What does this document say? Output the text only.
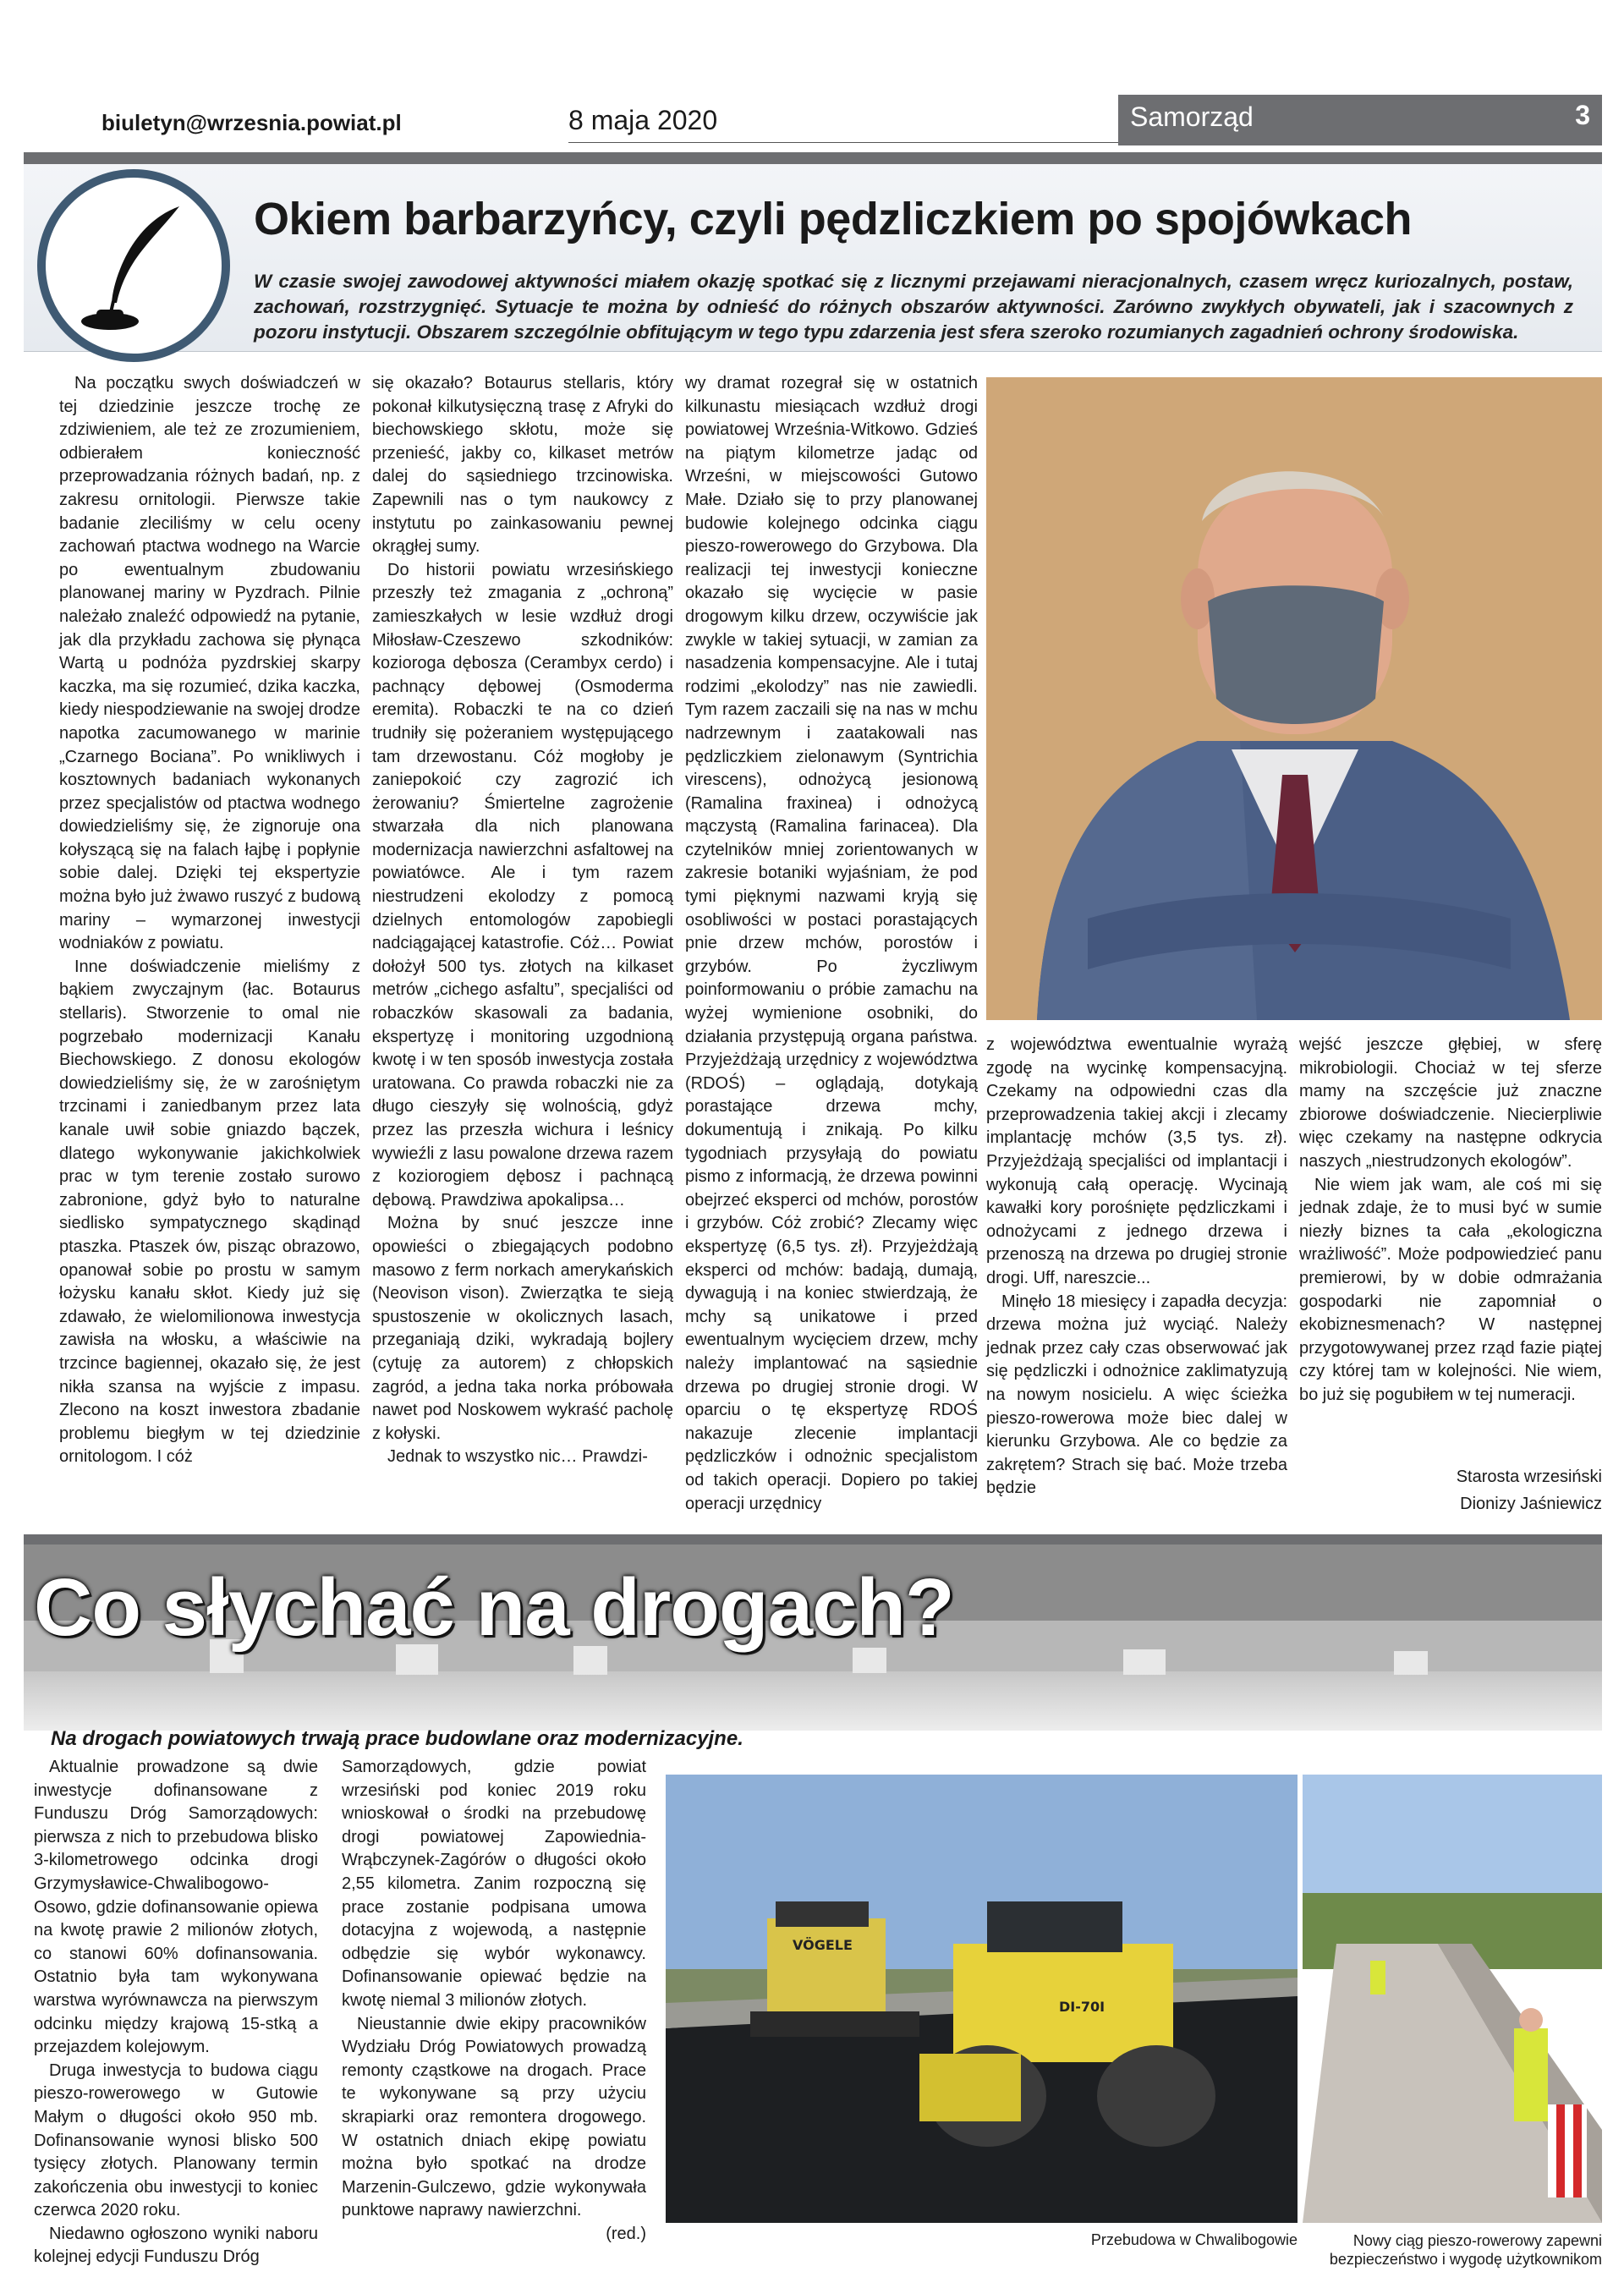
biuletyn@wrzesnia.powiat.pl	8 maja 2020	Samorząd	3
Okiem barbarzyńcy, czyli pędzliczkiem po spojówkach

W czasie swojej zawodowej aktywności miałem okazję spotkać się z licznymi przejawami nieracjonalnych, czasem wręcz kuriozalnych, postaw, zachowań, rozstrzygnięć. Sytuacje te można by odnieść do różnych obszarów aktywności. Zarówno zwykłych obywateli, jak i szacownych z pozoru instytucji. Obszarem szczególnie obfitującym w tego typu zdarzenia jest sfera szeroko rozumianych zagadnień ochrony środowiska.

Na początku swych doświadczeń w tej dziedzinie jeszcze trochę ze zdziwieniem, ale też ze zrozumieniem, odbierałem konieczność przeprowadzania różnych badań, np. z zakresu ornitologii. Pierwsze takie badanie zleciliśmy w celu oceny zachowań ptactwa wodnego na Warcie po ewentualnym zbudowaniu planowanej mariny w Pyzdrach. Pilnie należało znaleźć odpowiedź na pytanie, jak dla przykładu zachowa się płynąca Wartą u podnóża pyzdrskiej skarpy kaczka, ma się rozumieć, dzika kaczka, kiedy niespodziewanie na swojej drodze napotka zacumowanego w marinie „Czarnego Bociana”. Po wnikliwych i kosztownych badaniach wykonanych przez specjalistów od ptactwa wodnego dowiedzieliśmy się, że zignoruje ona kołyszącą się na falach łajbę i popłynie sobie dalej. Dzięki tej ekspertyzie można było już żwawo ruszyć z budową mariny – wymarzonej inwestycji wodniaków z powiatu.

Inne doświadczenie mieliśmy z bąkiem zwyczajnym (łac. Botaurus stellaris). Stworzenie to omal nie pogrzebało modernizacji Kanału Biechowskiego. Z donosu ekologów dowiedzieliśmy się, że w zarośniętym trzcinami i zaniedbanym przez lata kanale uwił sobie gniazdo bączek, dlatego wykonywanie jakichkolwiek prac w tym terenie zostało surowo zabronione, gdyż było to naturalne siedlisko sympatycznego skądinąd ptaszka. Ptaszek ów, pisząc obrazowo, opanował sobie po prostu w samym łożysku kanału skłot. Kiedy już się zdawało, że wielomilionowa inwestycja zawisła na włosku, a właściwie na trzcince bagiennej, okazało się, że jest nikła szansa na wyjście z impasu. Zlecono na koszt inwestora zbadanie problemu biegłym w tej dziedzinie ornitologom. I cóż

się okazało? Botaurus stellaris, który pokonał kilkutysięczną trasę z Afryki do biechowskiego skłotu, może się przenieść, jakby co, kilkaset metrów dalej do sąsiedniego trzcinowiska. Zapewnili nas o tym naukowcy z instytutu po zainkasowaniu pewnej okrągłej sumy.

Do historii powiatu wrzesińskiego przeszły też zmagania z „ochroną” zamieszkałych w lesie wzdłuż drogi Miłosław-Czeszewo szkodników: kozioroga dębosza (Cerambyx cerdo) i pachnący dębowej (Osmoderma eremita). Robaczki te na co dzień trudniły się pożeraniem występującego tam drzewostanu. Cóż mogłoby je zaniepokoić czy zagrozić ich żerowaniu? Śmiertelne zagrożenie stwarzała dla nich planowana modernizacja nawierzchni asfaltowej na powiatówce. Ale i tym razem niestrudzeni ekolodzy z pomocą dzielnych entomologów zapobiegli nadciągającej katastrofie. Cóż… Powiat dołożył 500 tys. złotych na kilkaset metrów „cichego asfaltu”, specjaliści od robaczków skasowali za badania, ekspertyzę i monitoring uzgodnioną kwotę i w ten sposób inwestycja została uratowana. Co prawda robaczki nie za długo cieszyły się wolnością, gdyż przez las przeszła wichura i leśnicy wywieźli z lasu powalone drzewa razem z koziorogiem dębosz i pachnącą dębową. Prawdziwa apokalipsa…

Można by snuć jeszcze inne opowieści o zbiegających podobno masowo z ferm norkach amerykańskich (Neovison vison). Zwierzątka te sieją spustoszenie w okolicznych lasach, przeganiają dziki, wykradają bojlery (cytuję za autorem) z chłopskich zagród, a jedna taka norka próbowała nawet pod Noskowem wykraść pacholę z kołyski.

Jednak to wszystko nic… Prawdzi-

wy dramat rozegrał się w ostatnich kilkunastu miesiącach wzdłuż drogi powiatowej Września-Witkowo. Gdzieś na piątym kilometrze jadąc od Wrześni, w miejscowości Gutowo Małe. Działo się to przy planowanej budowie kolejnego odcinka ciągu pieszo-rowerowego do Grzybowa. Dla realizacji tej inwestycji konieczne okazało się wycięcie w pasie drogowym kilku drzew, oczywiście jak zwykle w takiej sytuacji, w zamian za nasadzenia kompensacyjne. Ale i tutaj rodzimi „ekolodzy” nas nie zawiedli. Tym razem zaczaili się na nas w mchu nadrzewnym i zaatakowali nas pędzliczkiem zielonawym (Syntrichia virescens), odnożycą jesionową (Ramalina fraxinea) i odnożycą mączystą (Ramalina farinacea). Dla czytelników mniej zorientowanych w zakresie botaniki wyjaśniam, że pod tymi pięknymi nazwami kryją się osobliwości w postaci porastających pnie drzew mchów, porostów i grzybów. Po życzliwym poinformowaniu o próbie zamachu na wyżej wymienione osobniki, do działania przystępują organa państwa. Przyjeżdżają urzędnicy z województwa (RDOŚ) – oglądają, dotykają porastające drzewa mchy, dokumentują i znikają. Po kilku tygodniach przysyłają do powiatu pismo z informacją, że drzewa powinni obejrzeć eksperci od mchów, porostów i grzybów. Cóż zrobić? Zlecamy więc ekspertyzę (6,5 tys. zł). Przyjeżdżają eksperci od mchów: badają, dumają, dywagują i na koniec stwierdzają, że mchy są unikatowe i przed ewentualnym wycięciem drzew, mchy należy implantować na sąsiednie drzewa po drugiej stronie drogi. W oparciu o tę ekspertyzę RDOŚ nakazuje zlecenie implantacji pędzliczków i odnożnic specjalistom od takich operacji. Dopiero po takiej operacji urzędnicy

z województwa ewentualnie wyrażą zgodę na wycinkę kompensacyjną. Czekamy na odpowiedni czas dla przeprowadzenia takiej akcji i zlecamy implantację mchów (3,5 tys. zł). Przyjeżdżają specjaliści od implantacji i wykonują całą operację. Wycinają kawałki kory porośnięte pędzliczkami i odnożycami z jednego drzewa i przenoszą na drzewa po drugiej stronie drogi. Uff, nareszcie...

Minęło 18 miesięcy i zapadła decyzja: drzewa można już wyciąć. Należy jednak przez cały czas obserwować jak się pędzliczki i odnożnice zaklimatyzują na nowym nosicielu. A więc ścieżka pieszo-rowerowa może biec dalej w kierunku Grzybowa. Ale co będzie za zakrętem? Strach się bać. Może trzeba będzie

wejść jeszcze głębiej, w sferę mikrobiologii. Chociaż w tej sferze mamy na szczęście już znaczne zbiorowe doświadczenie. Niecierpliwie więc czekamy na następne odkrycia naszych „niestrudzonych ekologów”.

Nie wiem jak wam, ale coś mi się jednak zdaje, że to musi być w sumie niezły biznes ta cała „ekologiczna wrażliwość”. Może podpowiedzieć panu premierowi, by w dobie odmrażania gospodarki nie zapomniał o ekobiznesmenach? W następnej przygotowywanej przez rząd fazie piątej czy której tam w kolejności. Nie wiem, bo już się pogubiłem w tej numeracji.

Starosta wrzesiński
Dionizy Jaśniewicz
Co słychać na drogach?

Na drogach powiatowych trwają prace budowlane oraz modernizacyjne.

Aktualnie prowadzone są dwie inwestycje dofinansowane z Funduszu Dróg Samorządowych: pierwsza z nich to przebudowa blisko 3-kilometrowego odcinka drogi Grzymysławice-Chwalibogowo-Osowo, gdzie dofinansowanie opiewa na kwotę prawie 2 milionów złotych, co stanowi 60% dofinansowania. Ostatnio była tam wykonywana warstwa wyrównawcza na pierwszym odcinku między krajową 15-stką a przejazdem kolejowym.

Druga inwestycja to budowa ciągu pieszo-rowerowego w Gutowie Małym o długości około 950 mb. Dofinansowanie wynosi blisko 500 tysięcy złotych. Planowany termin zakończenia obu inwestycji to koniec czerwca 2020 roku.

Niedawno ogłoszono wyniki naboru kolejnej edycji Funduszu Dróg

Samorządowych, gdzie powiat wrzesiński pod koniec 2019 roku wnioskował o środki na przebudowę drogi powiatowej Zapowiednia-Wrąbczynek-Zagórów o długości około 2,55 kilometra. Zanim rozpoczną się prace zostanie podpisana umowa dotacyjna z wojewodą, a następnie odbędzie się wybór wykonawcy. Dofinansowanie opiewać będzie na kwotę niemal 3 milionów złotych.

Nieustannie dwie ekipy pracowników Wydziału Dróg Powiatowych prowadzą remonty cząstkowe na drogach. Prace te wykonywane są przy użyciu skrapiarki oraz remontera drogowego. W ostatnich dniach ekipę powiatu można było spotkać na drodze Marzenin-Gulczewo, gdzie wykonywała punktowe naprawy nawierzchni.

(red.)

VÖGELE
DI-70I
Przebudowa w Chwalibogowie	Nowy ciąg pieszo-rowerowy zapewni bezpieczeństwo i wygodę użytkownikom
